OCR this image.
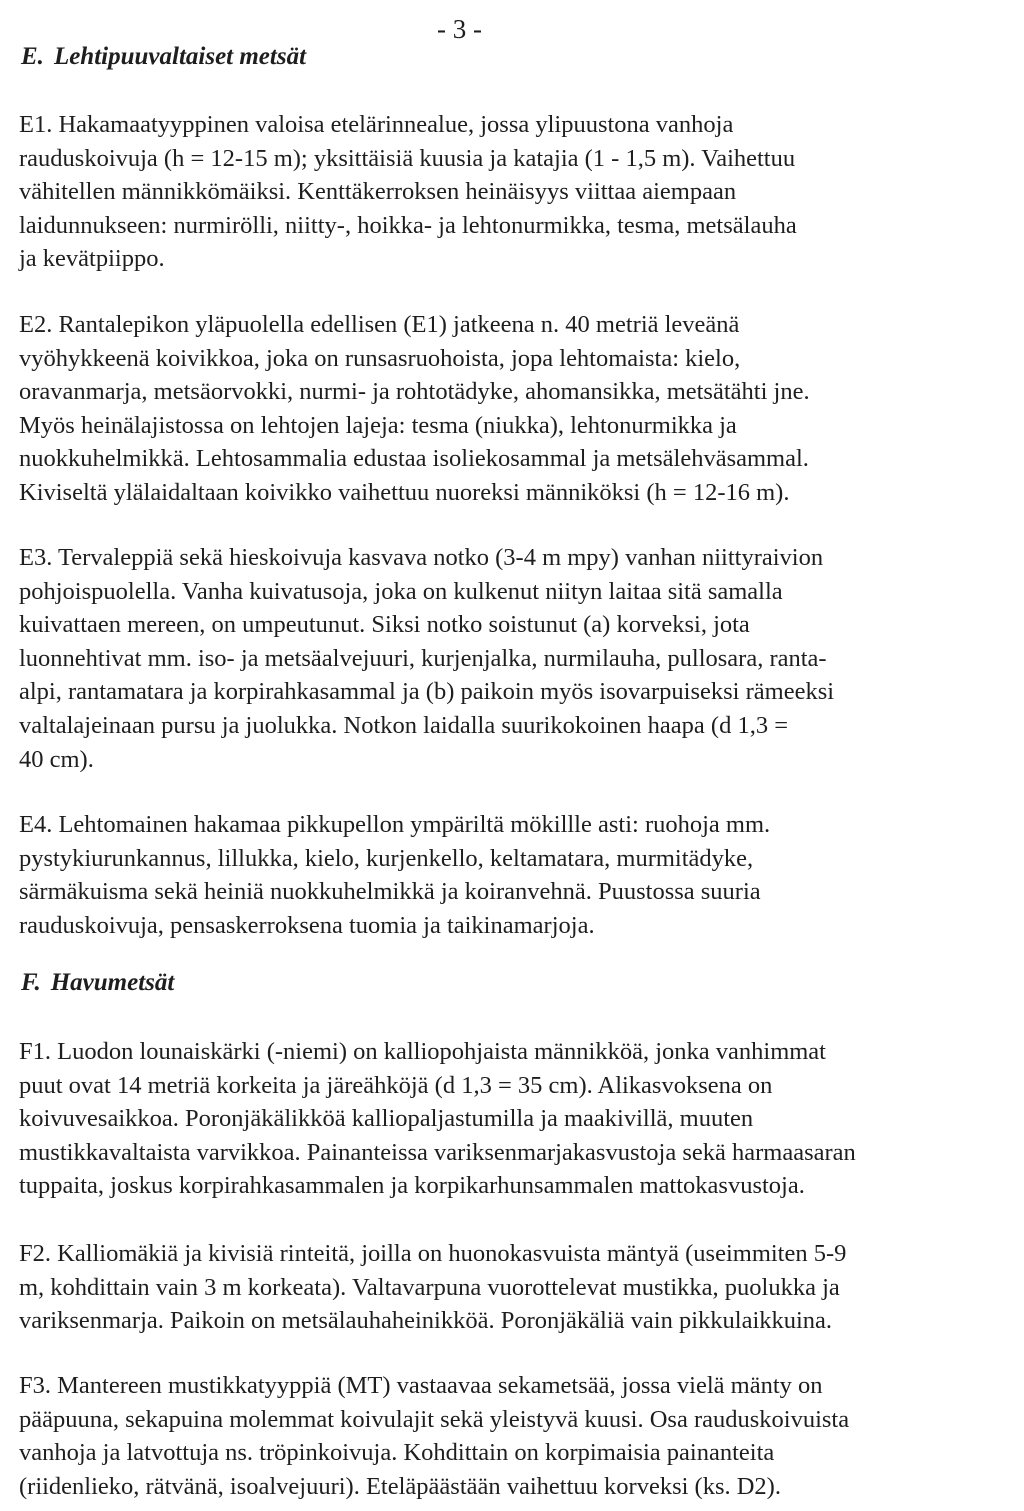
- 3 -
E. Lehtipuuvaltaiset metsät

E1. Hakamaatyyppinen valoisa etelärinnealue, jossa ylipuustona vanhoja
rauduskoivuja (h = 12-15 m); yksittäisiä kuusia ja katajia (1 - 1,5 m). Vaihettuu
vähitellen männikkömäiksi. Kenttäkerroksen heinäisyys viittaa aiempaan
laidunnukseen: nurmirölli, niitty-, hoikka- ja lehtonurmikka, tesma, metsälauha
ja kevätpiippo.

E2. Rantalepikon yläpuolella edellisen (E1) jatkeena n. 40 metriä leveänä
vyöhykkeenä koivikkoa, joka on runsasruohoista, jopa lehtomaista: kielo,
oravanmarja, metsäorvokki, nurmi- ja rohtotädyke, ahomansikka, metsätähti jne.
Myös heinälajistossa on lehtojen lajeja: tesma (niukka), lehtonurmikka ja
nuokkuhelmikkä. Lehtosammalia edustaa isoliekosammal ja metsälehväsammal.
Kiviseltä ylälaidaltaan koivikko vaihettuu nuoreksi männiköksi (h = 12-16 m).

E3. Tervaleppiä sekä hieskoivuja kasvava notko (3-4 m mpy) vanhan niittyraivion
pohjoispuolella. Vanha kuivatusoja, joka on kulkenut niityn laitaa sitä samalla
kuivattaen mereen, on umpeutunut. Siksi notko soistunut (a) korveksi, jota
luonnehtivat mm. iso- ja metsäalvejuuri, kurjenjalka, nurmilauha, pullosara, ranta-
alpi, rantamatara ja korpirahkasammal ja (b) paikoin myös isovarpuiseksi rämeeksi
valtalajeinaan pursu ja juolukka. Notkon laidalla suurikokoinen haapa (d 1,3 =
40 cm).

E4. Lehtomainen hakamaa pikkupellon ympäriltä mökillle asti: ruohoja mm.
pystykiurunkannus, lillukka, kielo, kurjenkello, keltamatara, murmitädyke,
särmäkuisma sekä heiniä nuokkuhelmikkä ja koiranvehnä. Puustossa suuria
rauduskoivuja, pensaskerroksena tuomia ja taikinamarjoja.

F. Havumetsät

F1. Luodon lounaiskärki (-niemi) on kalliopohjaista männikköä, jonka vanhimmat
puut ovat 14 metriä korkeita ja järeähköjä (d 1,3 = 35 cm). Alikasvoksena on
koivuvesaikkoa. Poronjäkälikköä kalliopaljastumilla ja maakivillä, muuten
mustikkavaltaista varvikkoa. Painanteissa variksenmarjakasvustoja sekä harmaasaran
tuppaita, joskus korpirahkasammalen ja korpikarhunsammalen mattokasvustoja.

F2. Kalliomäkiä ja kivisiä rinteitä, joilla on huonokasvuista mäntyä (useimmiten 5-9
m, kohdittain vain 3 m korkeata). Valtavarpuna vuorottelevat mustikka, puolukka ja
variksenmarja. Paikoin on metsälauhaheinikköä. Poronjäkäliä vain pikkulaikkuina.

F3. Mantereen mustikkatyyppiä (MT) vastaavaa sekametsää, jossa vielä mänty on
pääpuuna, sekapuina molemmat koivulajit sekä yleistyvä kuusi. Osa rauduskoivuista
vanhoja ja latvottuja ns. tröpinkoivuja. Kohdittain on korpimaisia painanteita
(riidenlieko, rätvänä, isoalvejuuri). Eteläpäästään vaihettuu korveksi (ks. D2).
